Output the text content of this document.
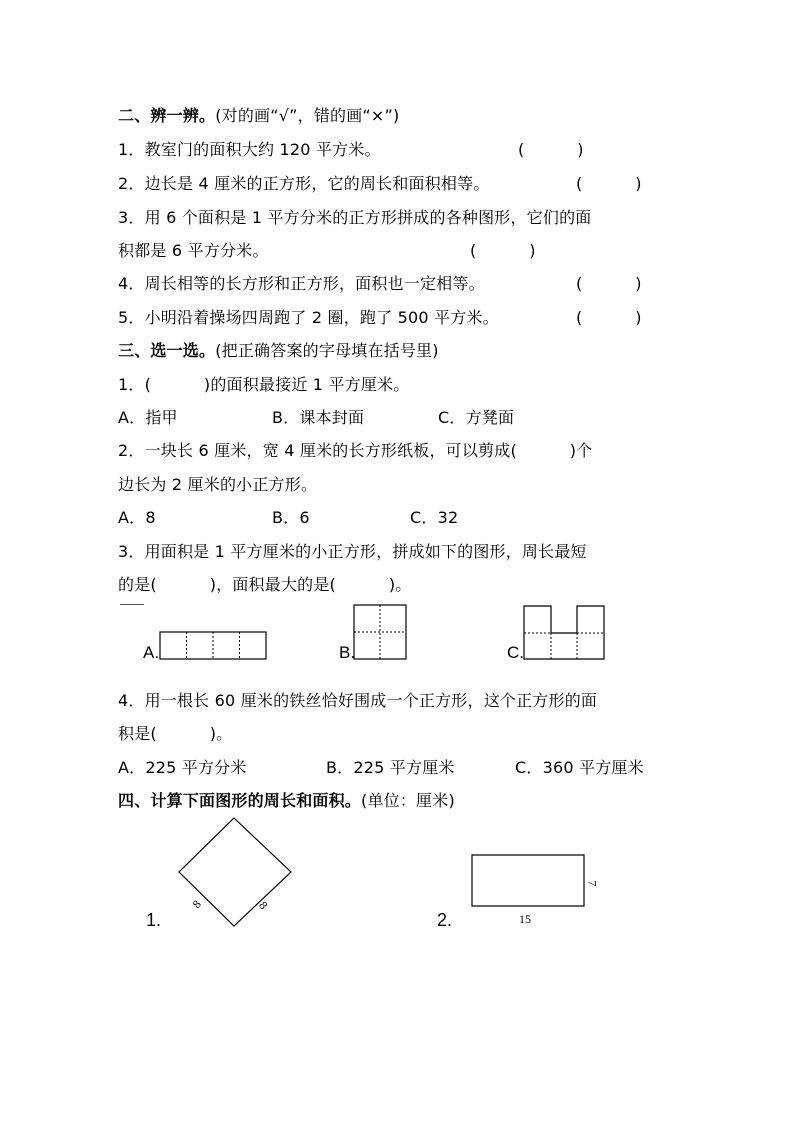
二、辨一辨。(对的画“√”，错的画“×”)
1．教室门的面积大约 120 平方米。	(          )
2．边长是 4 厘米的正方形，它的周长和面积相等。	(          )
3．用 6 个面积是 1 平方分米的正方形拼成的各种图形，它们的面
积都是 6 平方分米。	(          )
4．周长相等的长方形和正方形，面积也一定相等。	(          )
5．小明沿着操场四周跑了 2 圈，跑了 500 平方米。	(          )
三、选一选。(把正确答案的字母填在括号里)
1．(          )的面积最接近 1 平方厘米。
A．指甲	B．课本封面	C．方凳面
2．一块长 6 厘米，宽 4 厘米的长方形纸板，可以剪成(          )个
边长为 2 厘米的小正方形。
A．8	B．6	C．32
3．用面积是 1 平方厘米的小正方形，拼成如下的图形，周长最短
的是(          )，面积最大的是(          )。
A.	B.	C.
4．用一根长 60 厘米的铁丝恰好围成一个正方形，这个正方形的面
积是(          )。
A．225 平方分米	B．225 平方厘米	C．360 平方厘米
四、计算下面图形的周长和面积。(单位：厘米)
1.
8	8
2.	15
7
